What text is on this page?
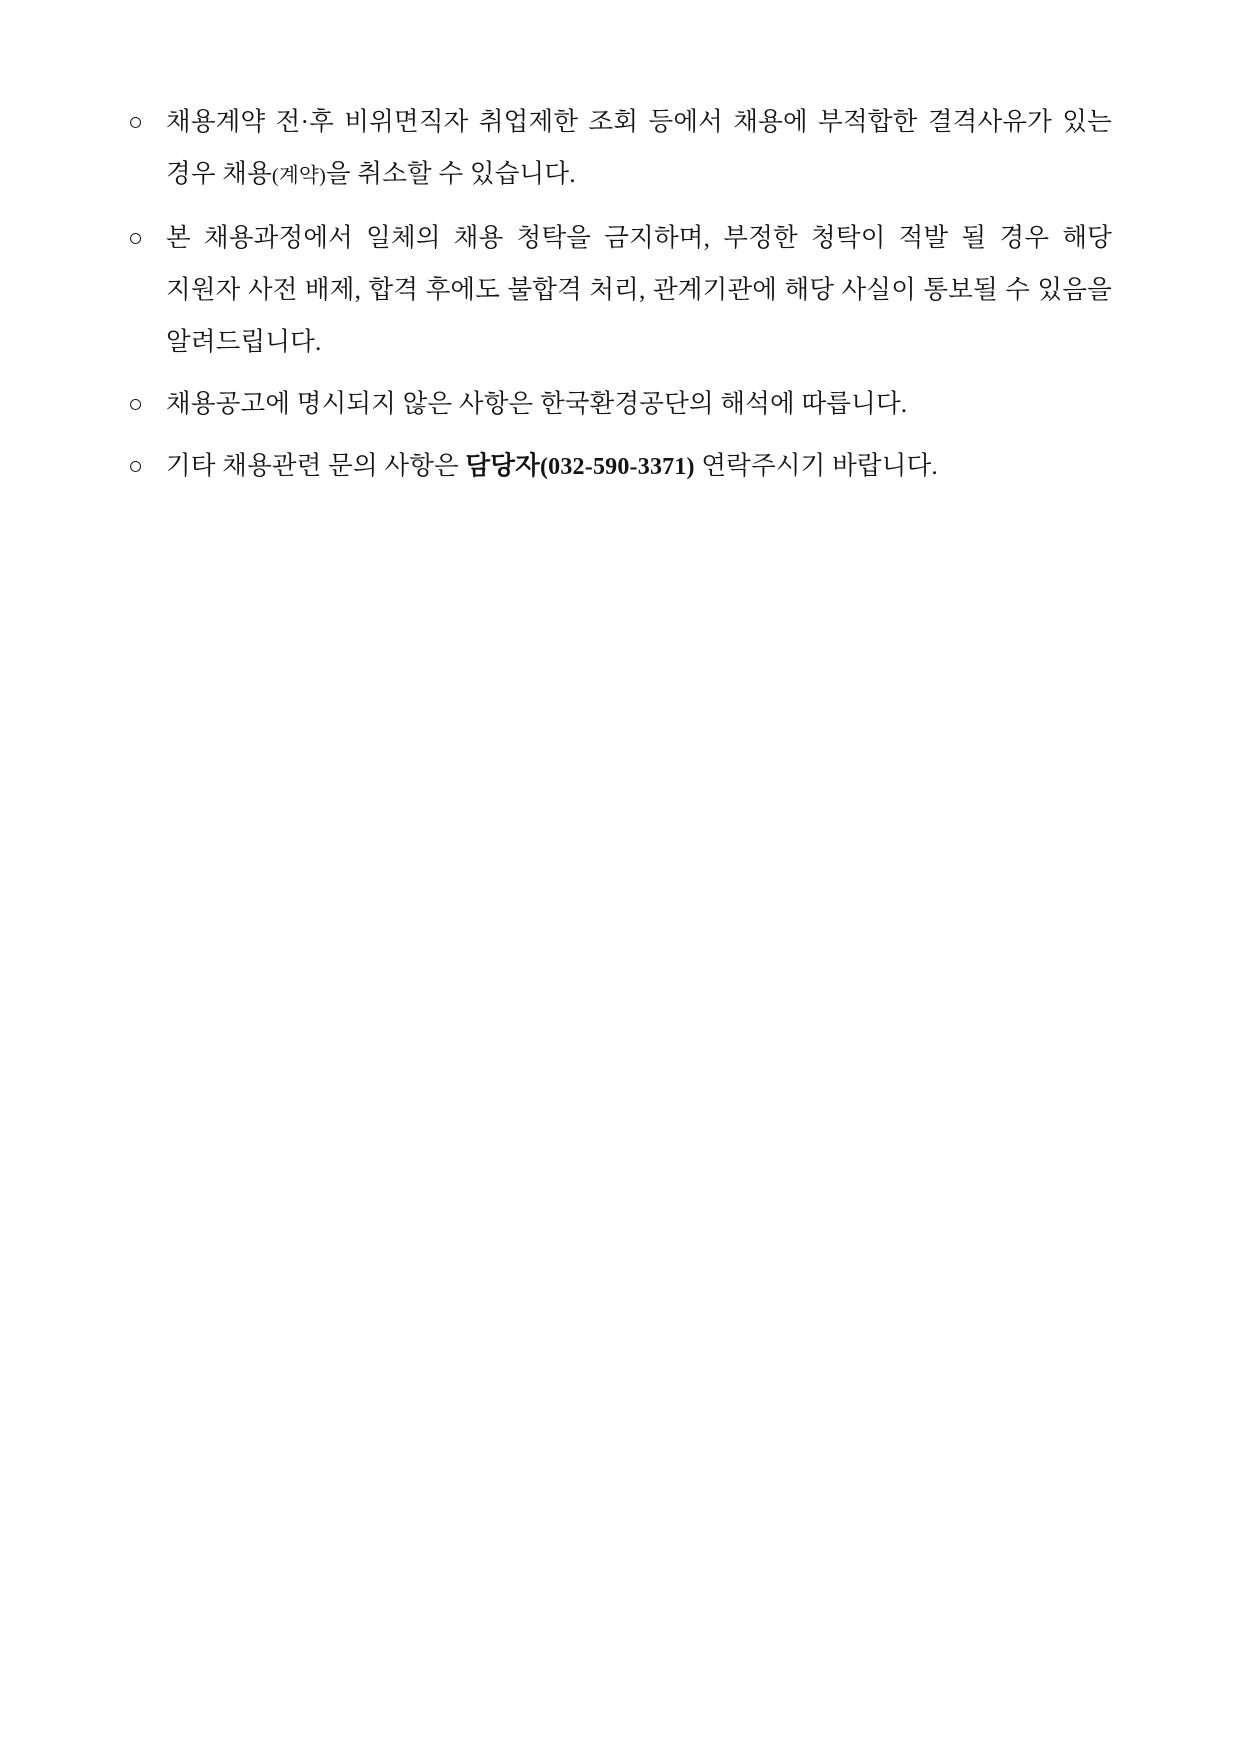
○ 채용계약 전·후 비위면직자 취업제한 조회 등에서 채용에 부적합한 결격사유가 있는 경우 채용(계약)을 취소할 수 있습니다.
○ 본 채용과정에서 일체의 채용 청탁을 금지하며, 부정한 청탁이 적발 될 경우 해당 지원자 사전 배제, 합격 후에도 불합격 처리, 관계기관에 해당 사실이 통보될 수 있음을 알려드립니다.
○ 채용공고에 명시되지 않은 사항은 한국환경공단의 해석에 따릅니다.
○ 기타 채용관련 문의 사항은 담당자(032-590-3371) 연락주시기 바랍니다.
